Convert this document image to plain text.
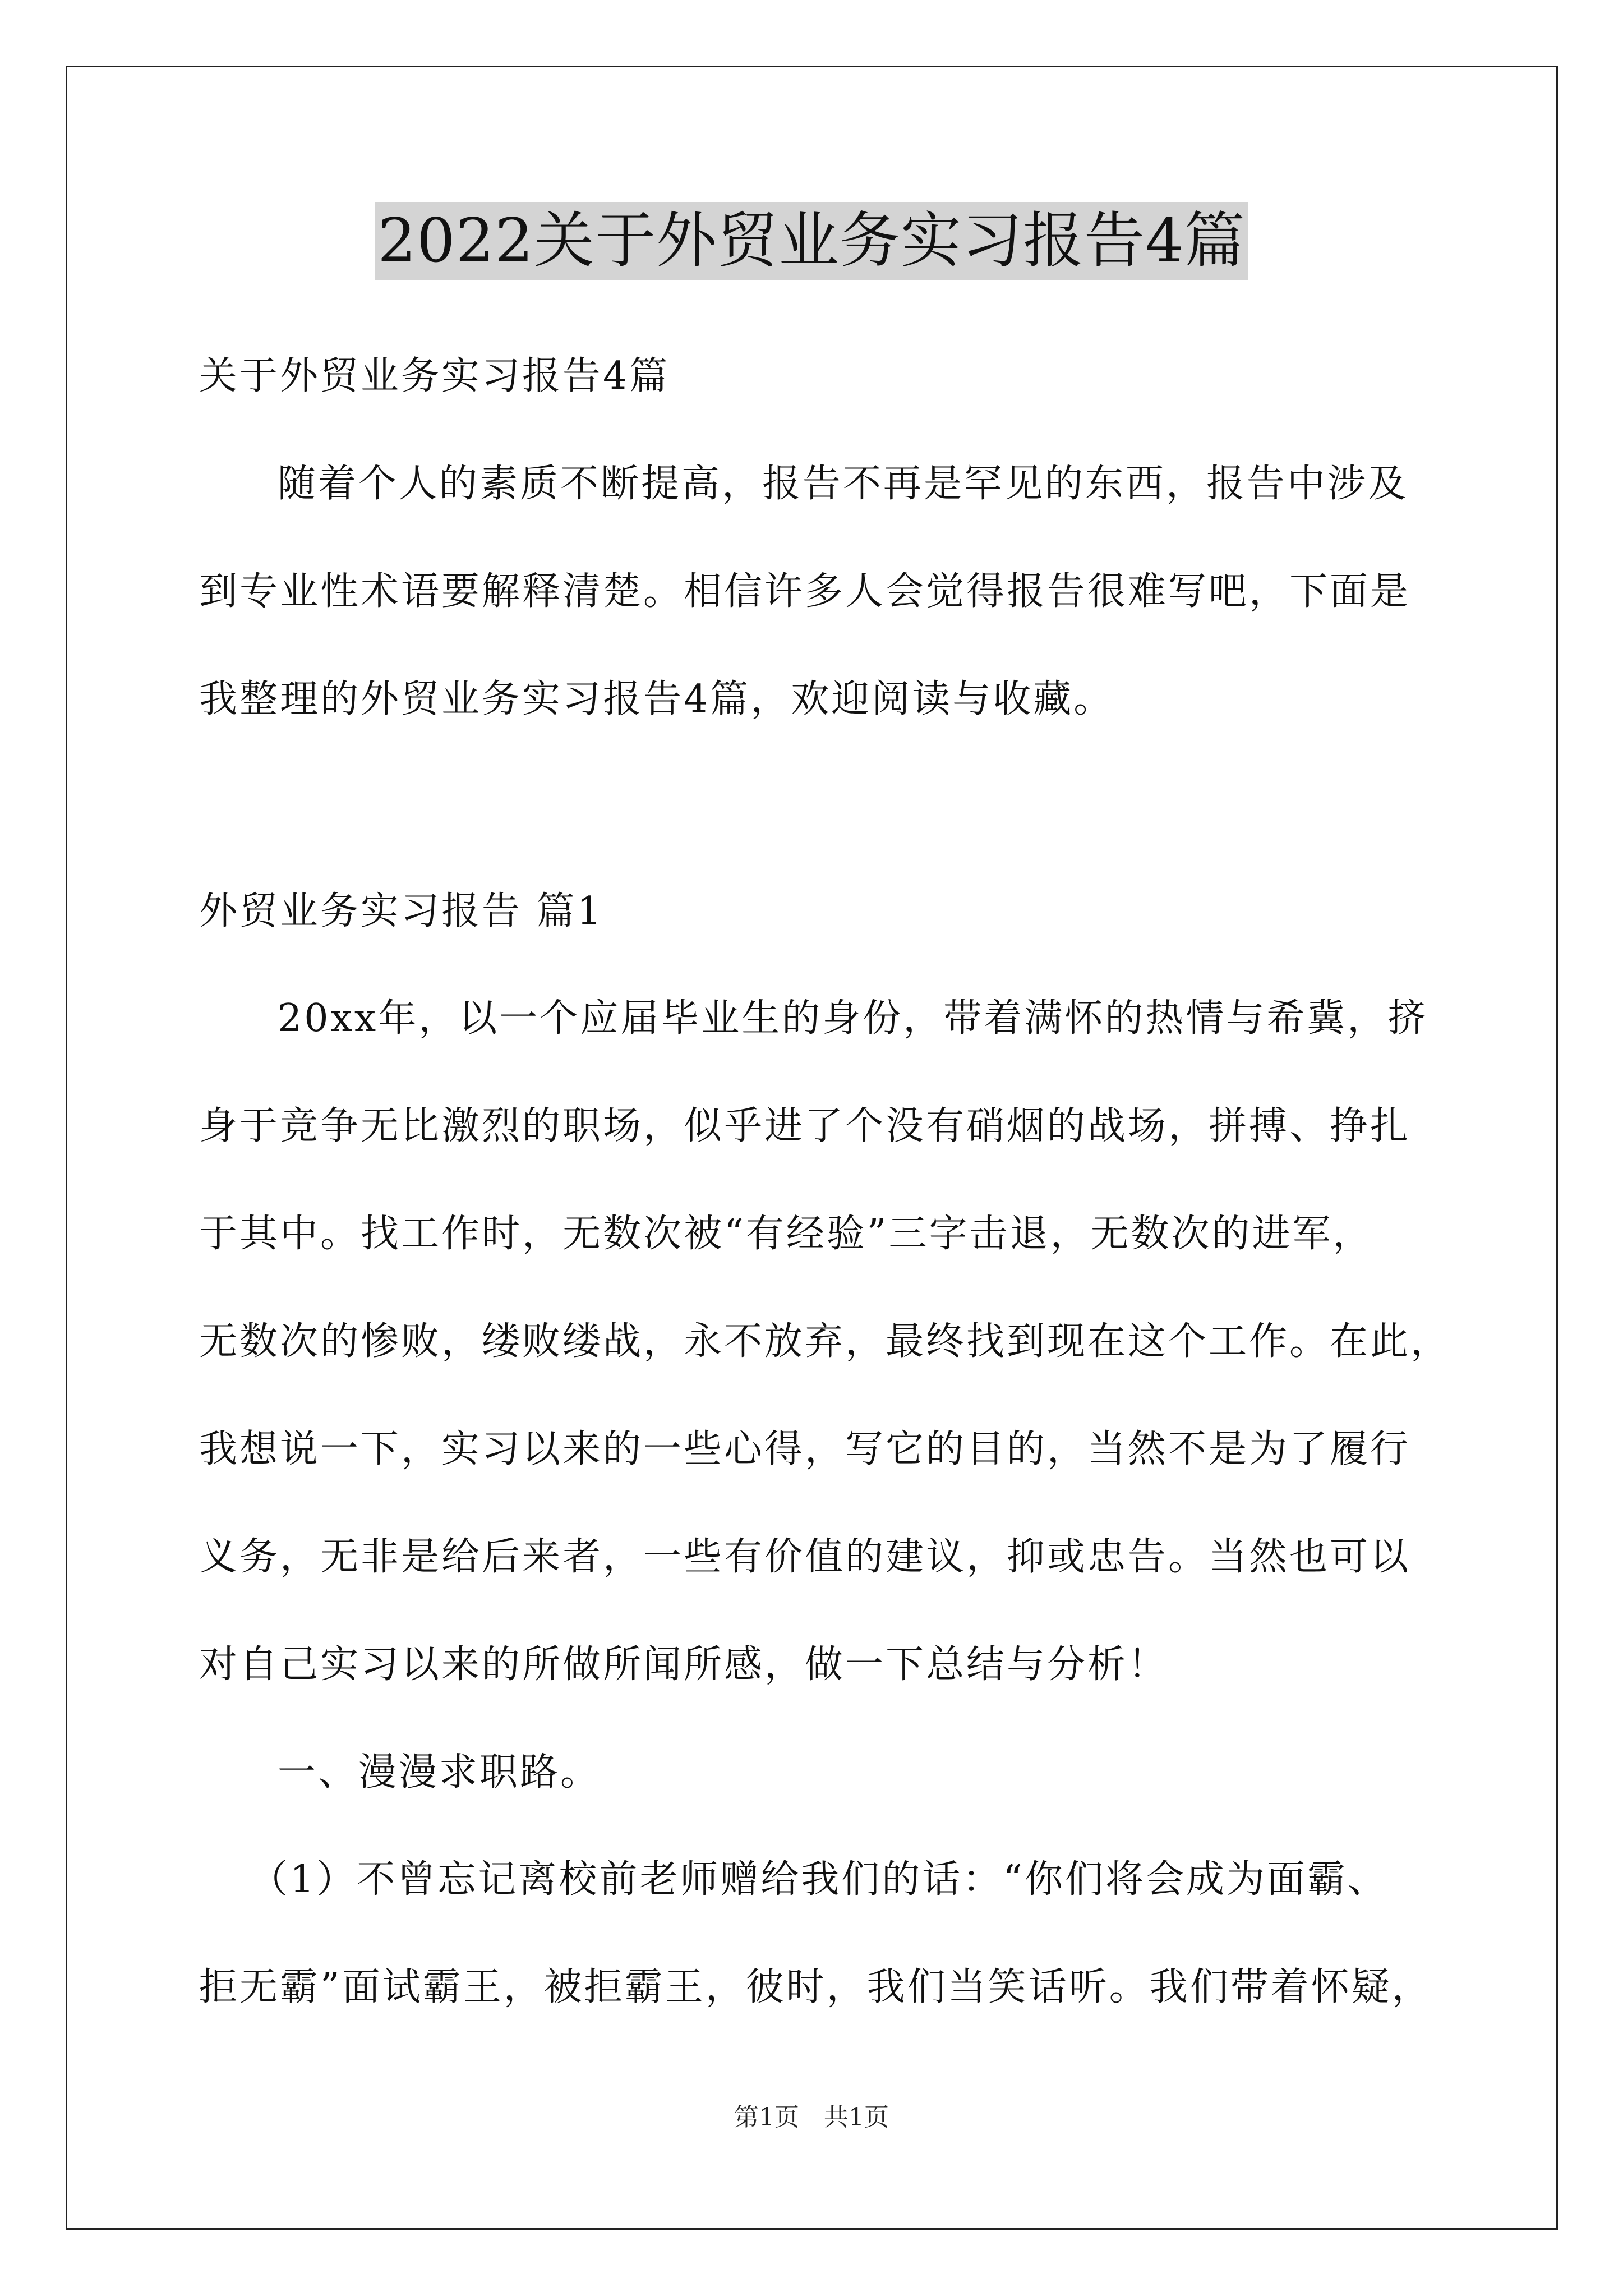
2022关于外贸业务实习报告4篇
关于外贸业务实习报告4篇
随着个人的素质不断提高，报告不再是罕见的东西，报告中涉及
到专业性术语要解释清楚。相信许多人会觉得报告很难写吧，下面是
我整理的外贸业务实习报告4篇，欢迎阅读与收藏。
外贸业务实习报告 篇1
20xx年，以一个应届毕业生的身份，带着满怀的热情与希冀，挤
身于竞争无比激烈的职场，似乎进了个没有硝烟的战场，拼搏、挣扎
于其中。找工作时，无数次被“有经验”三字击退，无数次的进军，
无数次的惨败，缕败缕战，永不放弃，最终找到现在这个工作。在此，
我想说一下，实习以来的一些心得，写它的目的，当然不是为了履行
义务，无非是给后来者，一些有价值的建议，抑或忠告。当然也可以
对自己实习以来的所做所闻所感，做一下总结与分析！
一、漫漫求职路。
（1）不曾忘记离校前老师赠给我们的话：“你们将会成为面霸、
拒无霸”面试霸王，被拒霸王，彼时，我们当笑话听。我们带着怀疑，
第1页　共1页
